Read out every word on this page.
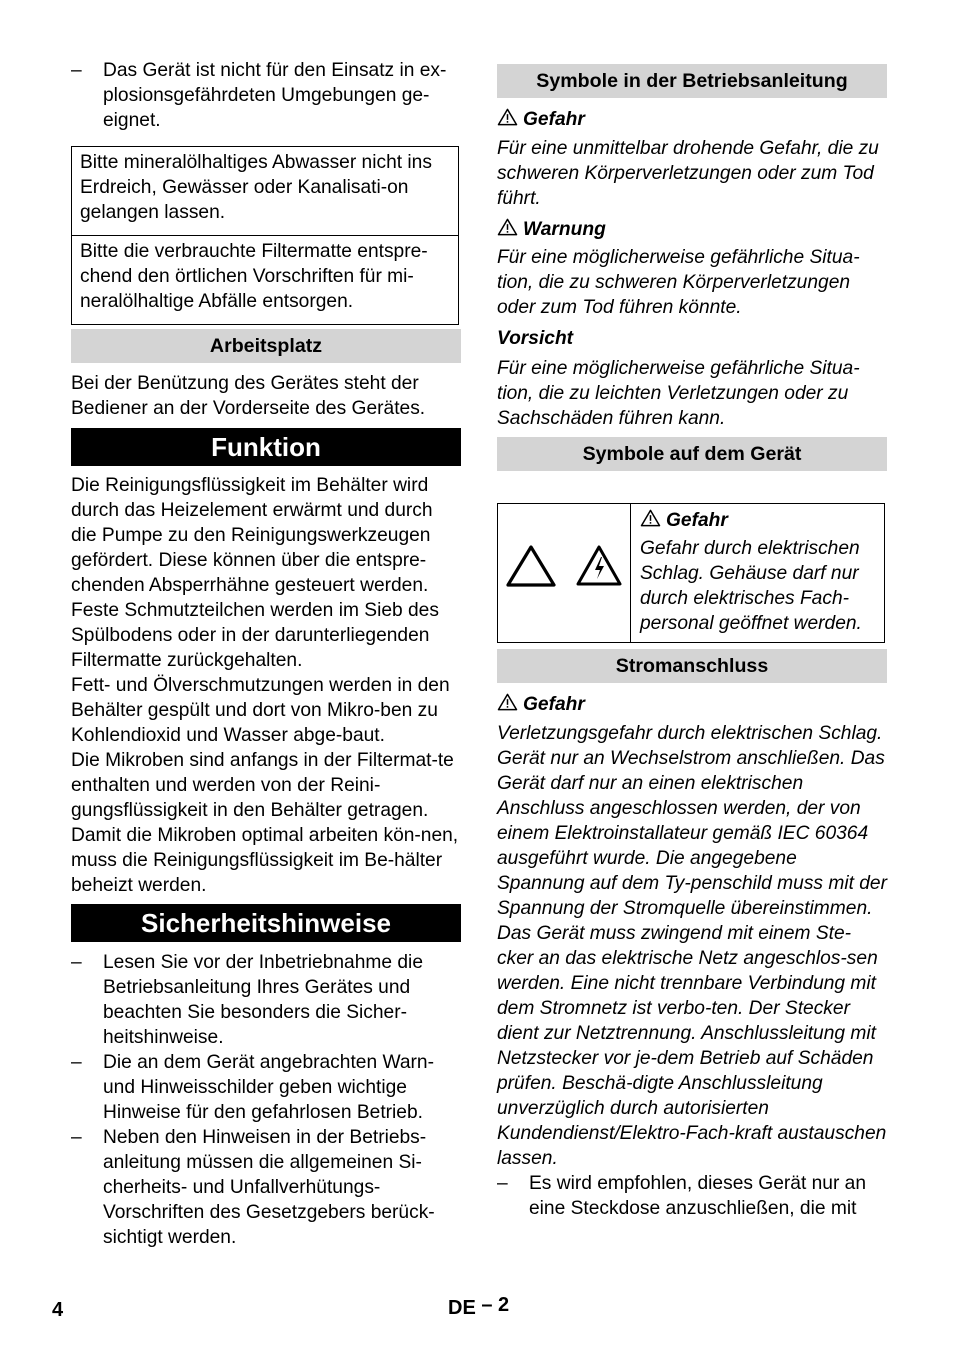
– Das Gerät ist nicht für den Einsatz in ex-plosionsgefährdeten Umgebungen ge-eignet.

Bitte mineralölhaltiges Abwasser nicht ins Erdreich, Gewässer oder Kanalisati-on gelangen lassen.
Bitte die verbrauchte Filtermatte entspre-chend den örtlichen Vorschriften für mi-neralölhaltige Abfälle entsorgen.
Arbeitsplatz

Bei der Benützung des Gerätes steht der Bediener an der Vorderseite des Gerätes.

Funktion

Die Reinigungsflüssigkeit im Behälter wird durch das Heizelement erwärmt und durch die Pumpe zu den Reinigungswerkzeugen gefördert. Diese können über die entspre-chenden Absperrhähne gesteuert werden. Feste Schmutzteilchen werden im Sieb des Spülbodens oder in der darunterliegenden Filtermatte zurückgehalten.

Fett- und Ölverschmutzungen werden in den Behälter gespült und dort von Mikro-ben zu Kohlendioxid und Wasser abge-baut.

Die Mikroben sind anfangs in der Filtermat-te enthalten und werden von der Reini-gungsflüssigkeit in den Behälter getragen. Damit die Mikroben optimal arbeiten kön-nen, muss die Reinigungsflüssigkeit im Be-hälter beheizt werden.

Sicherheitshinweise
– Lesen Sie vor der Inbetriebnahme die Betriebsanleitung Ihres Gerätes und beachten Sie besonders die Sicher-heitshinweise.

– Die an dem Gerät angebrachten Warn- und Hinweisschilder geben wichtige Hinweise für den gefahrlosen Betrieb.

– Neben den Hinweisen in der Betriebs-anleitung müssen die allgemeinen Si-cherheits- und Unfallverhütungs-Vorschriften des Gesetzgebers berück-sichtigt werden.

Symbole in der Betriebsanleitung

Gefahr

Für eine unmittelbar drohende Gefahr, die zu schweren Körperverletzungen oder zum Tod führt.

Warnung

Für eine möglicherweise gefährliche Situa-tion, die zu schweren Körperverletzungen oder zum Tod führen könnte.

Vorsicht

Für eine möglicherweise gefährliche Situa-tion, die zu leichten Verletzungen oder zu Sachschäden führen kann.

Symbole auf dem Gerät

Gefahr

Gefahr durch elektrischen Schlag. Gehäuse darf nur durch elektrisches Fach-personal geöffnet werden.

Stromanschluss

Gefahr

Verletzungsgefahr durch elektrischen Schlag. Gerät nur an Wechselstrom anschließen. Das Gerät darf nur an einen elektrischen Anschluss angeschlossen werden, der von einem Elektroinstallateur gemäß IEC 60364 ausgeführt wurde. Die angegebene Spannung auf dem Ty-penschild muss mit der Spannung der Stromquelle übereinstimmen. Das Gerät muss zwingend mit einem Ste-cker an das elektrische Netz angeschlos-sen werden. Eine nicht trennbare Verbindung mit dem Stromnetz ist verbo-ten. Der Stecker dient zur Netztrennung. Anschlussleitung mit Netzstecker vor je-dem Betrieb auf Schäden prüfen. Beschä-digte Anschlussleitung unverzüglich durch autorisierten Kundendienst/Elektro-Fach-kraft austauschen lassen.

– Es wird empfohlen, dieses Gerät nur an eine Steckdose anzuschließen, die mit

4	DE – 2
